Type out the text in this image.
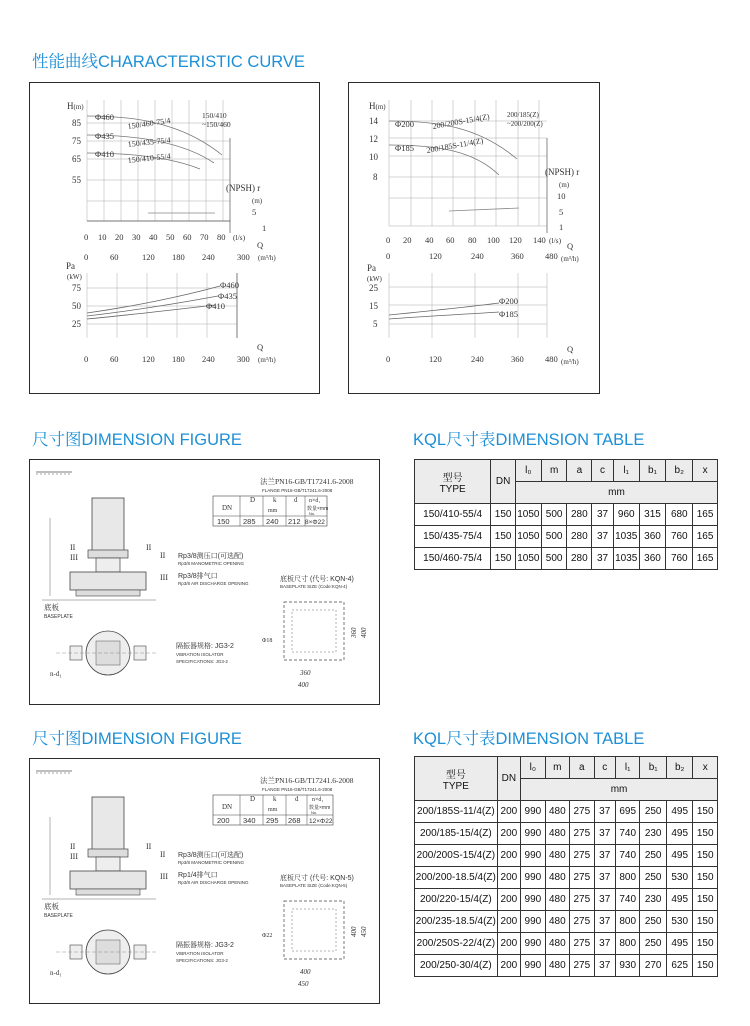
性能曲线CHARACTERISTIC CURVE
尺寸图DIMENSION FIGURE	KQL尺寸表DIMENSION TABLE
尺寸图DIMENSION FIGURE	KQL尺寸表DIMENSION TABLE
H(m)
85
75
65
55
Φ460
Φ435
Φ410
150/460-75/4
150/435-75/4
150/410-55/4
150/410
~150/460
(NPSH) r
(m)
5
1
0 10 20 30 40 50 60 70 80 (l/s)
0	60	120 180 240	300
Q
(m³/h)
Pa
(kW)
75
50
25
Φ460
Φ435
Φ410
0	60	120 180 240	300
Q
(m³/h)
H(m)
14
12
10
8
Φ200
Φ185
200/200S-15/4(Z)
200/185S-11/4(Z)
200/185(Z)
~200/200(Z)
(NPSH) r
(m)
10
5
1
0 20 40 60 80 100 120 140 (l/s)
0	120	240	360	480
Q
(m³/h)
Pa
(kW)
25
15
5
Φ200
Φ185
0	120	240	360	480
Q
(m³/h)
II
III
II
底板
BASEPLATE
n-d₁
法兰PN16-GB/T17241.6-2008
FLANGE PN16-GB/T17241.6-2008
DN
D	k	d n×d₁
mm	数量×mm
No.
150 285 240 212 8×Φ22
II Rp3/8测压口(可选配)
Rp3/8 MANOMETRIC OPENING
III Rp3/8排气口
Rp3/8 AIR DISCHARGE OPENING
底板尺寸 (代号: KQN-4)
BASEPLATE SIZE (Code:KQN-4)
Φ18
360
400
360 400
隔振器规格: JG3-2
VIBRATION ISOLATOR
SPECIFICATIONS: JG3-2
II
III
II
底板
BASEPLATE
n-d₁
法兰PN16-GB/T17241.6-2008
FLANGE PN16-GB/T17241.6-2008
DN
D	k	d n×d₁
mm	数量×mm
No.
200 340 295 268 12×Φ22
II Rp3/8测压口(可选配)
Rp3/8 MANOMETRIC OPENING
III Rp1/4排气口
Rp3/8 AIR DISCHARGE OPENING
底板尺寸 (代号: KQN-5)
BASEPLATE SIZE (Code:KQN-5)
Φ22
400
450
400 450
隔振器规格: JG3-2
VIBRATION ISOLATOR
SPECIFICATIONS: JG3-2
型号
TYPE	DN	l₀	m	a	c	l₁	b₁	b₂	x
		mm							
150/410-55/4	150	1050	500	280	37	960	315	680	165
150/435-75/4	150	1050	500	280	37	1035	360	760	165
150/460-75/4	150	1050	500	280	37	1035	360	760	165
型号
TYPE	DN	l₀	m	a	c	l₁	b₁	b₂	x
		mm							
200/185S-11/4(Z)	200	990	480	275	37	695	250	495	150
200/185-15/4(Z)	200	990	480	275	37	740	230	495	150
200/200S-15/4(Z)	200	990	480	275	37	740	250	495	150
200/200-18.5/4(Z)	200	990	480	275	37	800	250	530	150
200/220-15/4(Z)	200	990	480	275	37	740	230	495	150
200/235-18.5/4(Z)	200	990	480	275	37	800	250	530	150
200/250S-22/4(Z)	200	990	480	275	37	800	250	495	150
200/250-30/4(Z)	200	990	480	275	37	930	270	625	150
